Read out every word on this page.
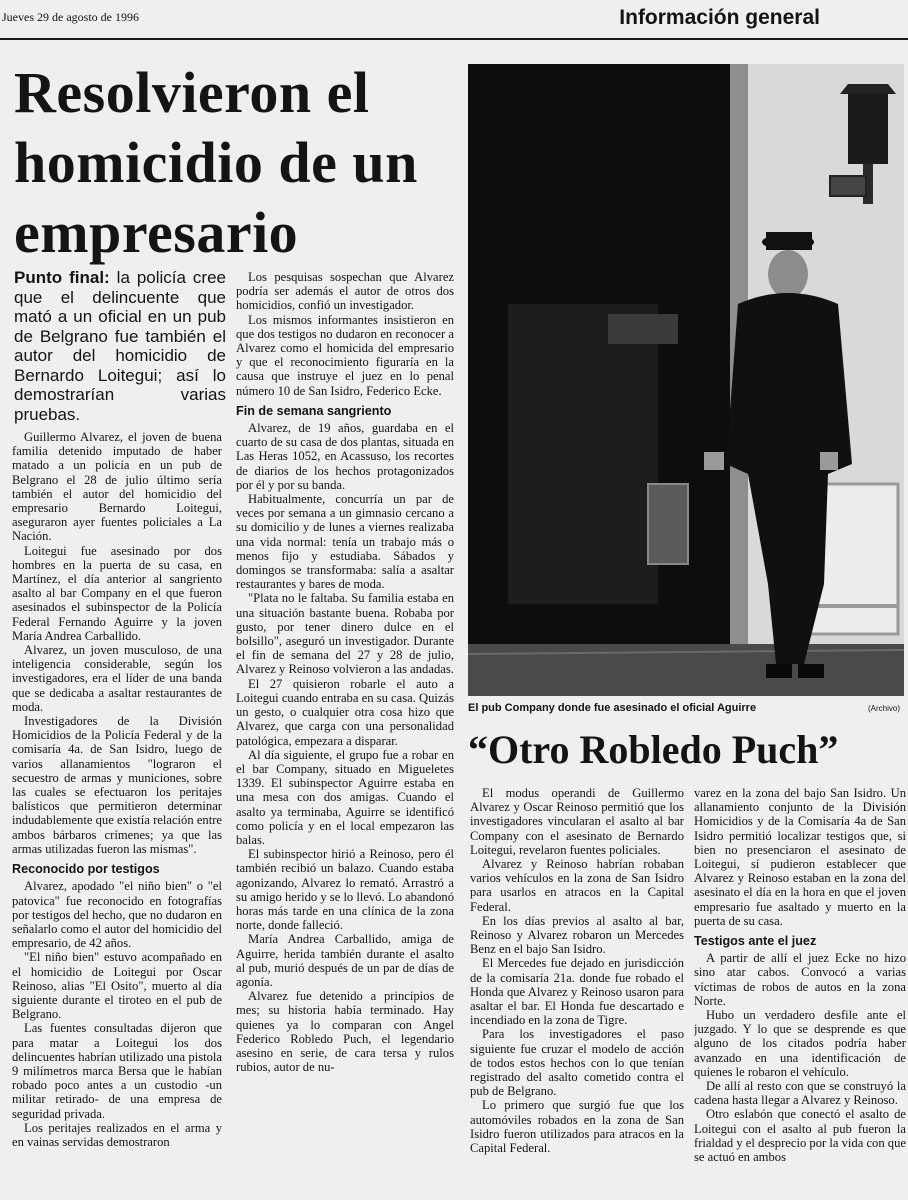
Jueves 29 de agosto de 1996	Información general
Resolvieron el homicidio de un empresario
Punto final: la policía cree que el delincuente que mató a un oficial en un pub de Belgrano fue también el autor del homicidio de Bernardo Loitegui; así lo demostrarían varias pruebas.

Guillermo Alvarez, el joven de buena familia detenido imputado de haber matado a un policía en un pub de Belgrano el 28 de julio último sería también el autor del homicidio del empresario Bernardo Loitegui, aseguraron ayer fuentes policiales a La Nación.

Loitegui fue asesinado por dos hombres en la puerta de su casa, en Martínez, el día anterior al sangriento asalto al bar Company en el que fueron asesinados el subinspector de la Policía Federal Fernando Aguirre y la joven María Andrea Carballido.

Alvarez, un joven musculoso, de una inteligencia considerable, según los investigadores, era el líder de una banda que se dedicaba a asaltar restaurantes de moda.

Investigadores de la División Homicidios de la Policía Federal y de la comisaría 4a. de San Isidro, luego de varios allanamientos "lograron el secuestro de armas y municiones, sobre las cuales se efectuaron los peritajes balísticos que permitieron determinar indudablemente que existía relación entre ambos bárbaros crímenes; ya que las armas utilizadas fueron las mismas".

Reconocido por testigos

Alvarez, apodado "el niño bien" o "el patovica" fue reconocido en fotografías por testigos del hecho, que no dudaron en señalarlo como el autor del homicidio del empresario, de 42 años.

"El niño bien" estuvo acompañado en el homicidio de Loitegui por Oscar Reinoso, alias "El Osito", muerto al día siguiente durante el tiroteo en el pub de Belgrano.

Las fuentes consultadas dijeron que para matar a Loitegui los dos delincuentes habrían utilizado una pistola 9 milímetros marca Bersa que le habían robado poco antes a un custodio -un militar retirado- de una empresa de seguridad privada.

Los peritajes realizados en el arma y en vainas servidas demostraron

Los pesquisas sospechan que Alvarez podría ser además el autor de otros dos homicidios, confió un investigador.

Los mismos informantes insistieron en que dos testigos no dudaron en reconocer a Alvarez como el homicida del empresario y que el reconocimiento figuraría en la causa que instruye el juez en lo penal número 10 de San Isidro, Federico Ecke.

Fin de semana sangriento

Alvarez, de 19 años, guardaba en el cuarto de su casa de dos plantas, situada en Las Heras 1052, en Acassuso, los recortes de diarios de los hechos protagonizados por él y por su banda.

Habitualmente, concurría un par de veces por semana a un gimnasio cercano a su domicilio y de lunes a viernes realizaba una vida normal: tenía un trabajo más o menos fijo y estudiaba. Sábados y domingos se transformaba: salía a asaltar restaurantes y bares de moda.

"Plata no le faltaba. Su familia estaba en una situación bastante buena. Robaba por gusto, por tener dinero dulce en el bolsillo", aseguró un investigador. Durante el fin de semana del 27 y 28 de julio, Alvarez y Reinoso volvieron a las andadas.

El 27 quisieron robarle el auto a Loitegui cuando entraba en su casa. Quizás un gesto, o cualquier otra cosa hizo que Alvarez, que carga con una personalidad patológica, empezara a disparar.

Al día siguiente, el grupo fue a robar en el bar Company, situado en Migueletes 1339. El subinspector Aguirre estaba en una mesa con dos amigas. Cuando el asalto ya terminaba, Aguirre se identificó como policía y en el local empezaron las balas.

El subinspector hirió a Reinoso, pero él también recibió un balazo. Cuando estaba agonizando, Alvarez lo remató. Arrastró a su amigo herido y se lo llevó. Lo abandonó horas más tarde en una clínica de la zona norte, donde falleció.

María Andrea Carballido, amiga de Aguirre, herida también durante el asalto al pub, murió después de un par de días de agonía.

Alvarez fue detenido a principios de mes; su historia había terminado. Hay quienes ya lo comparan con Angel Federico Robledo Puch, el legendario asesino en serie, de cara tersa y rulos rubios, autor de nu-

El pub Company donde fue asesinado el oficial Aguirre	(Archivo)
“Otro Robledo Puch”

El modus operandi de Guillermo Alvarez y Oscar Reinoso permitió que los investigadores vincularan el asalto al bar Company con el asesinato de Bernardo Loitegui, revelaron fuentes policiales.

Alvarez y Reinoso habrían robaban varios vehículos en la zona de San Isidro para usarlos en atracos en la Capital Federal.

En los días previos al asalto al bar, Reinoso y Alvarez robaron un Mercedes Benz en el bajo San Isidro.

El Mercedes fue dejado en jurisdicción de la comisaría 21a. donde fue robado el Honda que Alvarez y Reinoso usaron para asaltar el bar. El Honda fue descartado e incendiado en la zona de Tigre.

Para los investigadores el paso siguiente fue cruzar el modelo de acción de todos estos hechos con lo que tenían registrado del asalto cometido contra el pub de Belgrano.

Lo primero que surgió fue que los automóviles robados en la zona de San Isidro fueron utilizados para atracos en la Capital Federal.

varez en la zona del bajo San Isidro. Un allanamiento conjunto de la División Homicidios y de la Comisaría 4a de San Isidro permitió localizar testigos que, si bien no presenciaron el asesinato de Loitegui, sí pudieron establecer que Alvarez y Reinoso estaban en la zona del asesinato el día en la hora en que el joven empresario fue asaltado y muerto en la puerta de su casa.

Testigos ante el juez

A partir de allí el juez Ecke no hizo sino atar cabos. Convocó a varias víctimas de robos de autos en la zona Norte.

Hubo un verdadero desfile ante el juzgado. Y lo que se desprende es que alguno de los citados podría haber avanzado en una identificación de quienes le robaron el vehículo.

De allí al resto con que se construyó la cadena hasta llegar a Alvarez y Reinoso.

Otro eslabón que conectó el asalto de Loitegui con el asalto al pub fueron la frialdad y el desprecio por la vida con que se actuó en ambos
